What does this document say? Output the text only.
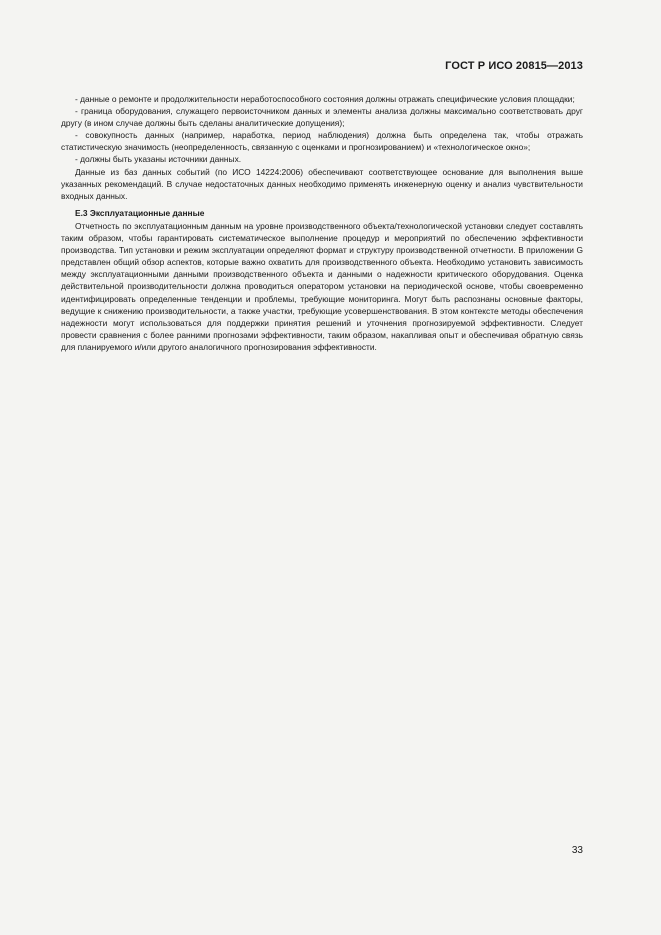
ГОСТ Р ИСО 20815—2013

- данные о ремонте и продолжительности неработоспособного состояния должны отражать специфические условия площадки;

- граница оборудования, служащего первоисточником данных и элементы анализа должны максимально соответствовать друг другу (в ином случае должны быть сделаны аналитические допущения);

- совокупность данных (например, наработка, период наблюдения) должна быть определена так, чтобы отражать статистическую значимость (неопределенность, связанную с оценками и прогнозированием) и «технологическое окно»;

- должны быть указаны источники данных.

Данные из баз данных событий (по ИСО 14224:2006) обеспечивают соответствующее основание для выполнения выше указанных рекомендаций. В случае недостаточных данных необходимо применять инженерную оценку и анализ чувствительности входных данных.

Е.3 Эксплуатационные данные

Отчетность по эксплуатационным данным на уровне производственного объекта/технологической установки следует составлять таким образом, чтобы гарантировать систематическое выполнение процедур и мероприятий по обеспечению эффективности производства. Тип установки и режим эксплуатации определяют формат и структуру производственной отчетности. В приложении G представлен общий обзор аспектов, которые важно охватить для производственного объекта. Необходимо установить зависимость между эксплуатационными данными производственного объекта и данными о надежности критического оборудования. Оценка действительной производительности должна проводиться оператором установки на периодической основе, чтобы своевременно идентифицировать определенные тенденции и проблемы, требующие мониторинга. Могут быть распознаны основные факторы, ведущие к снижению производительности, а также участки, требующие усовершенствования. В этом контексте методы обеспечения надежности могут использоваться для поддержки принятия решений и уточнения прогнозируемой эффективности. Следует провести сравнения с более ранними прогнозами эффективности, таким образом, накапливая опыт и обеспечивая обратную связь для планируемого и/или другого аналогичного прогнозирования эффективности.

33
